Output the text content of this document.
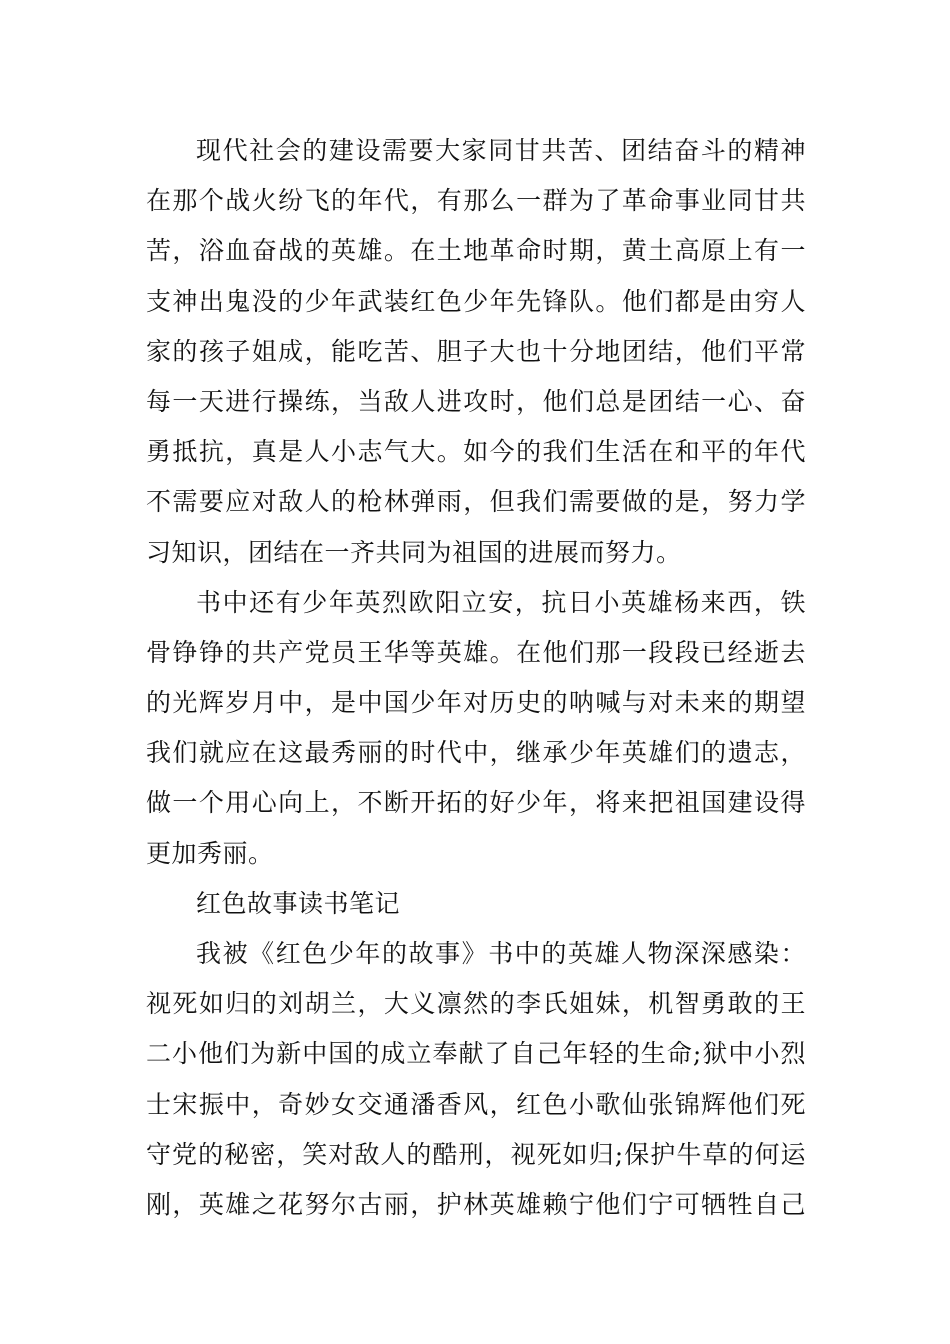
现代社会的建设需要大家同甘共苦、团结奋斗的精神
在那个战火纷飞的年代，有那么一群为了革命事业同甘共
苦，浴血奋战的英雄。在土地革命时期，黄土高原上有一
支神出鬼没的少年武装红色少年先锋队。他们都是由穷人
家的孩子姐成，能吃苦、胆子大也十分地团结，他们平常
每一天进行操练，当敌人进攻时，他们总是团结一心、奋
勇抵抗，真是人小志气大。如今的我们生活在和平的年代
不需要应对敌人的枪林弹雨，但我们需要做的是，努力学
习知识，团结在一齐共同为祖国的进展而努力。
书中还有少年英烈欧阳立安，抗日小英雄杨来西，铁
骨铮铮的共产党员王华等英雄。在他们那一段段已经逝去
的光辉岁月中，是中国少年对历史的呐喊与对未来的期望
我们就应在这最秀丽的时代中，继承少年英雄们的遗志，
做一个用心向上，不断开拓的好少年，将来把祖国建设得
更加秀丽。
红色故事读书笔记
我被《红色少年的故事》书中的英雄人物深深感染：
视死如归的刘胡兰，大义凛然的李氏姐妹，机智勇敢的王
二小他们为新中国的成立奉献了自己年轻的生命;狱中小烈
士宋振中，奇妙女交通潘香风，红色小歌仙张锦辉他们死
守党的秘密，笑对敌人的酷刑，视死如归;保护牛草的何运
刚，英雄之花努尔古丽，护林英雄赖宁他们宁可牺牲自己
